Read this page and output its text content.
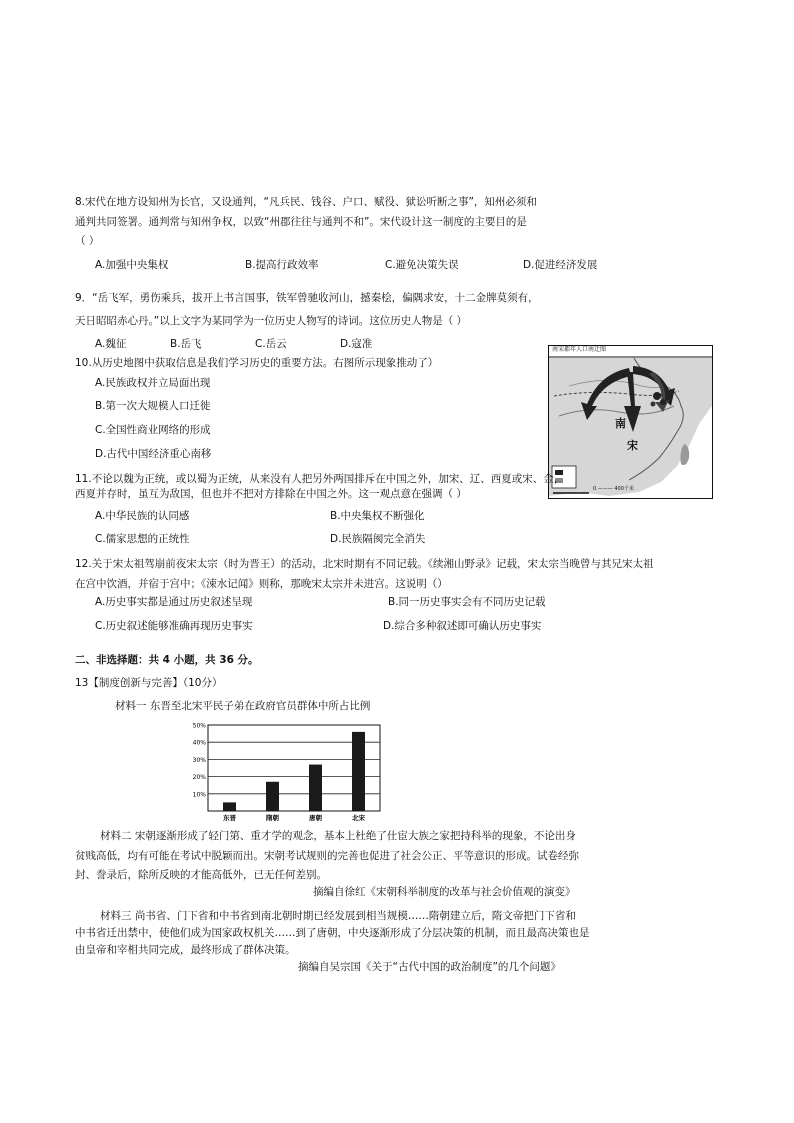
8.宋代在地方设知州为长官，又设通判，“凡兵民、钱谷、户口、赋役、狱讼听断之事”，知州必须和
通判共同签署。通判常与知州争权，以致“州郡往往与通判不和”。宋代设计这一制度的主要目的是
（ ）
A.加强中央集权	B.提高行政效率	C.避免决策失误	D.促进经济发展
9．“岳飞军，勇伤乘兵，拔开上书言国事，铁军曾驰收河山，撼秦桧，偏隅求安，十二金牌莫须有，
天日昭昭赤心丹。”以上文字为某同学为一位历史人物写的诗词。这位历史人物是（ ）
A.魏征	B.岳飞	C.岳云	D.寇准
10.从历史地图中获取信息是我们学习历史的重要方法。右图所示现象推动了）
A.民族政权并立局面出现
B.第一次大规模人口迁徙
C.全国性商业网络的形成
D.古代中国经济重心南移
南宋都年人口南迁图
南
宋
0 ——— 400千米
11.不论以魏为正统，或以蜀为正统，从来没有人把另外两国排斥在中国之外，加宋、辽、西夏或宋、金，
西夏并存时，虽互为敌国，但也并不把对方排除在中国之外。这一观点意在强调（ ）
A.中华民族的认同感	B.中央集权不断强化
C.儒家思想的正统性	D.民族隔阂完全消失
12.关于宋太祖驾崩前夜宋太宗（时为晋王）的活动，北宋时期有不同记载。《续湘山野录》记载，宋太宗当晚曾与其兄宋太祖
在宫中饮酒，并宿于宫中；《涑水记闻》则称，那晚宋太宗并未进宫。这说明（）
A.历史事实都是通过历史叙述呈现	B.同一历史事实会有不同历史记载
C.历史叙述能够准确再现历史事实	D.综合多种叙述即可确认历史事实
二、非选择题：共 4 小题，共 36 分。
13【制度创新与完善】（10分）
材料一 东晋至北宋平民子弟在政府官员群体中所占比例
10%
20%
30%
40%
50%
东晋	隋朝	唐朝	北宋
材料二 宋朝逐渐形成了轻门第、重才学的观念，基本上杜绝了仕宦大族之家把持科举的现象，不论出身
贫贱高低，均有可能在考试中脱颖而出。宋朝考试规则的完善也促进了社会公正、平等意识的形成。试卷经弥
封、誊录后，除所反映的才能高低外，已无任何差别。
摘编自徐红《宋朝科举制度的改革与社会价值观的演变》
材料三 尚书省、门下省和中书省到南北朝时期已经发展到相当规模……隋朝建立后，隋文帝把门下省和
中书省迁出禁中，使他们成为国家政权机关……到了唐朝，中央逐渐形成了分层决策的机制，而且最高决策也是
由皇帝和宰相共同完成，最终形成了群体决策。
摘编自吴宗国《关于“古代中国的政治制度”的几个问题》
